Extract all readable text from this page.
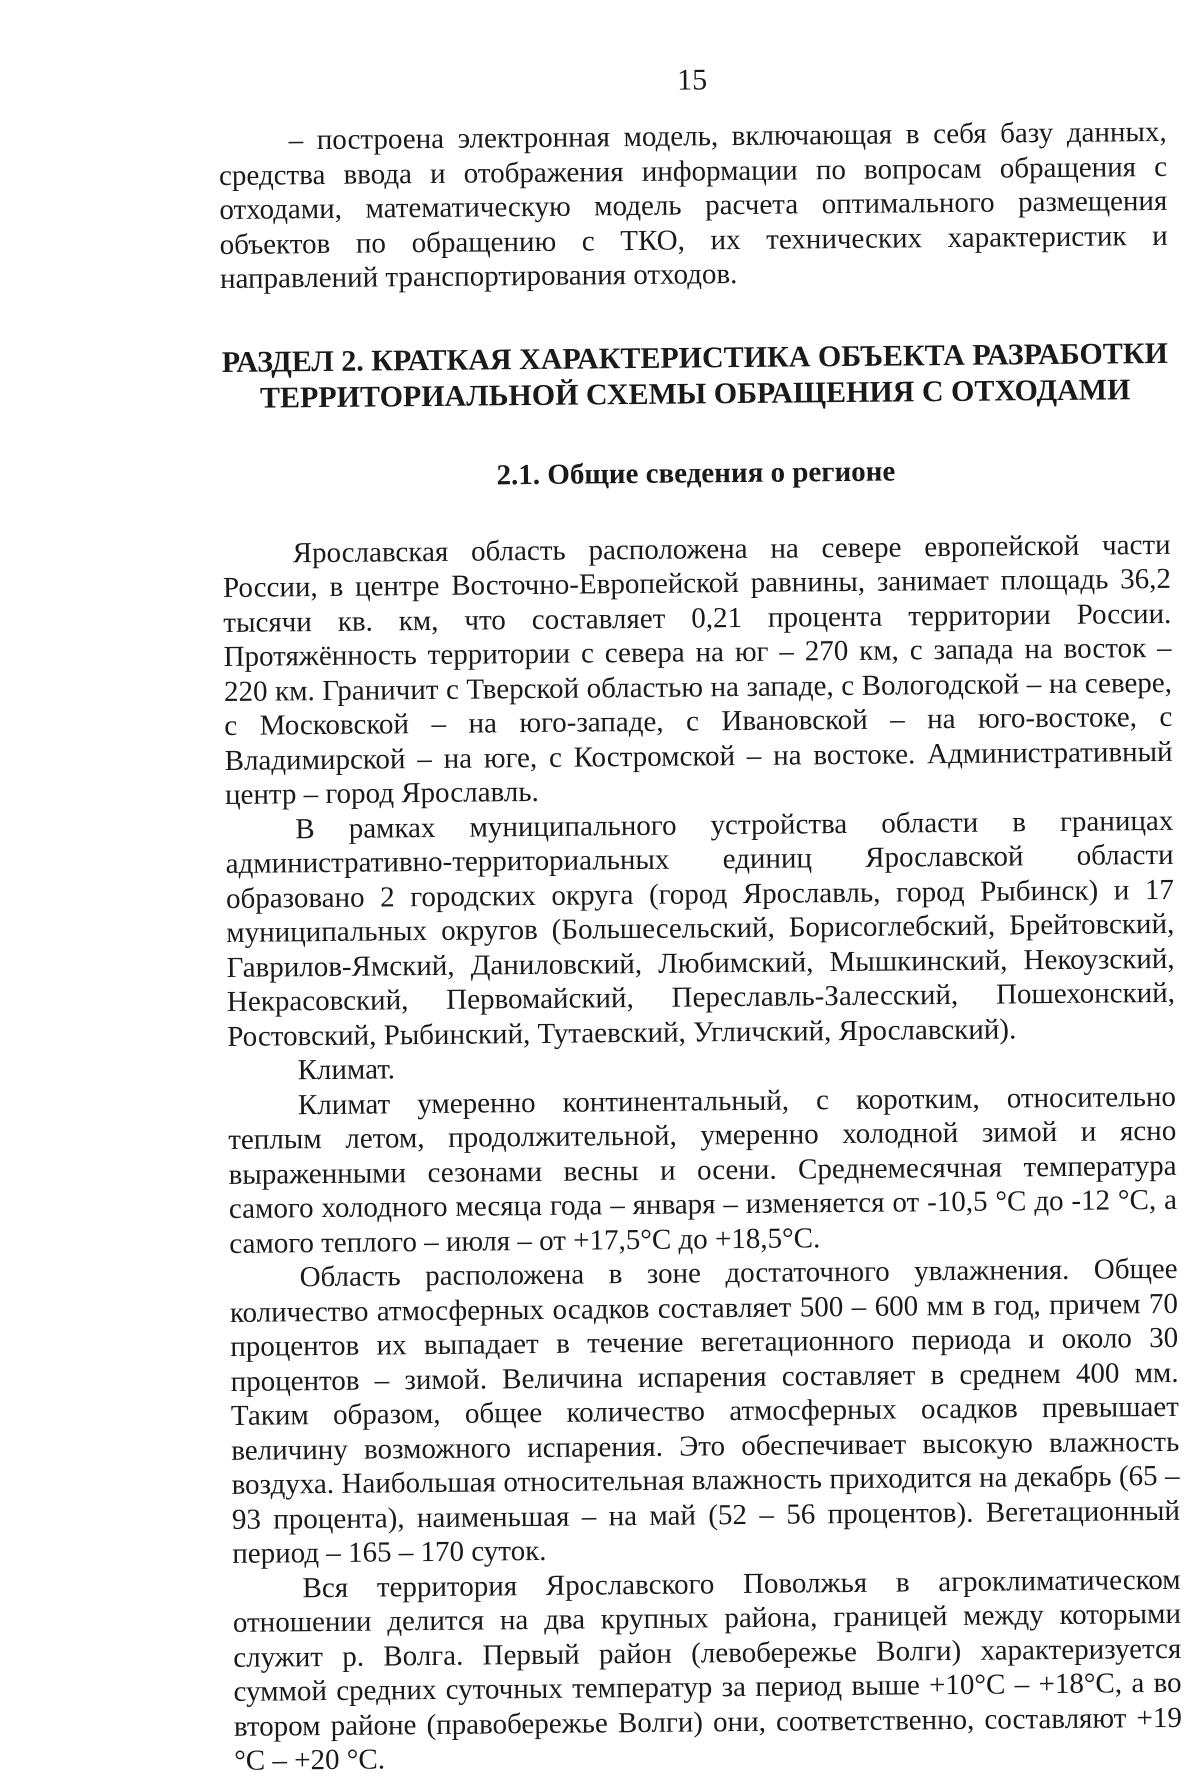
15

– построена электронная модель, включающая в себя базу данных, средства ввода и отображения информации по вопросам обращения с отходами, математическую модель расчета оптимального размещения объектов по обращению с ТКО, их технических характеристик и направлений транспортирования отходов.

РАЗДЕЛ 2. КРАТКАЯ ХАРАКТЕРИСТИКА ОБЪЕКТА РАЗРАБОТКИ
ТЕРРИТОРИАЛЬНОЙ СХЕМЫ ОБРАЩЕНИЯ С ОТХОДАМИ
2.1. Общие сведения о регионе

Ярославская область расположена на севере европейской части России, в центре Восточно-Европейской равнины, занимает площадь 36,2 тысячи кв. км, что составляет 0,21 процента территории России. Протяжённость территории с севера на юг – 270 км, с запада на восток – 220 км. Граничит с Тверской областью на западе, с Вологодской – на севере, с Московской – на юго-западе, с Ивановской – на юго-востоке, с Владимирской – на юге, с Костромской – на востоке. Административный центр – город Ярославль.

В рамках муниципального устройства области в границах административно-территориальных единиц Ярославской области образовано 2 городских округа (город Ярославль, город Рыбинск) и 17 муниципальных округов (Большесельский, Борисоглебский, Брейтовский, Гаврилов-Ямский, Даниловский, Любимский, Мышкинский, Некоузский, Некрасовский, Первомайский, Переславль-Залесский, Пошехонский, Ростовский, Рыбинский, Тутаевский, Угличский, Ярославский).

Климат.

Климат умеренно континентальный, с коротким, относительно теплым летом, продолжительной, умеренно холодной зимой и ясно выраженными сезонами весны и осени. Среднемесячная температура самого холодного месяца года – января – изменяется от -10,5 °С до -12 °С, а самого теплого – июля – от +17,5°С до +18,5°С.

Область расположена в зоне достаточного увлажнения. Общее количество атмосферных осадков составляет 500 – 600 мм в год, причем 70 процентов их выпадает в течение вегетационного периода и около 30 процентов – зимой. Величина испарения составляет в среднем 400 мм. Таким образом, общее количество атмосферных осадков превышает величину возможного испарения. Это обеспечивает высокую влажность воздуха. Наибольшая относительная влажность приходится на декабрь (65 – 93 процента), наименьшая – на май (52 – 56 процентов). Вегетационный период – 165 – 170 суток.

Вся территория Ярославского Поволжья в агроклиматическом отношении делится на два крупных района, границей между которыми служит р. Волга. Первый район (левобережье Волги) характеризуется суммой средних суточных температур за период выше +10°С – +18°С, а во втором районе (правобережье Волги) они, соответственно, составляют +19 °С – +20 °С.
